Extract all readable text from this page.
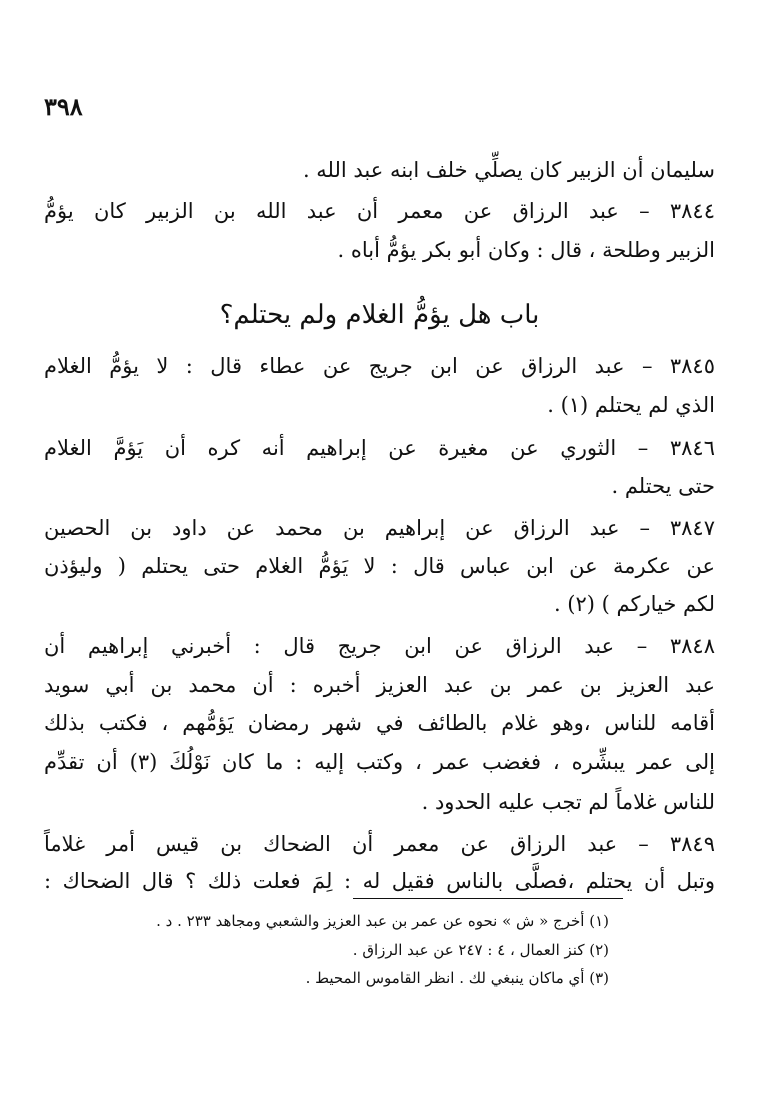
٣٩٨

سليمان أن الزبير كان يصلِّي خلف ابنه عبد الله .

٣٨٤٤ – عبد الرزاق عن معمر أن عبد الله بن الزبير كان يؤمُّ

الزبير وطلحة ، قال : وكان أبو بكر يؤمُّ أباه .

باب هل يؤمُّ الغلام ولم يحتلم؟

٣٨٤٥ – عبد الرزاق عن ابن جريج عن عطاء قال : لا يؤمُّ الغلام

الذي لم يحتلم (١) .

٣٨٤٦ – الثوري عن مغيرة عن إبراهيم أنه كره أن يَؤمَّ الغلام

حتى يحتلم .

٣٨٤٧ – عبد الرزاق عن إبراهيم بن محمد عن داود بن الحصين

عن عكرمة عن ابن عباس قال : لا يَؤمُّ الغلام حتى يحتلم ( وليؤذن

لكم خياركم ) (٢) .

٣٨٤٨ – عبد الرزاق عن ابن جريج قال : أخبرني إبراهيم أن

عبد العزيز بن عمر بن عبد العزيز أخبره : أن محمد بن أبي سويد

أقامه للناس ،وهو غلام بالطائف في شهر رمضان يَؤمُّهم ، فكتب بذلك

إلى عمر يبشِّره ، فغضب عمر ، وكتب إليه : ما كان نَوْلُكَ (٣) أن تقدِّم

للناس غلاماً لم تجب عليه الحدود .

٣٨٤٩ – عبد الرزاق عن معمر أن الضحاك بن قيس أمر غلاماً

وتبل أن يحتلم ،فصلَّى بالناس فقيل له : لِمَ فعلت ذلك ؟ قال الضحاك :

(١) أخرج « ش » نحوه عن عمر بن عبد العزيز والشعبي ومجاهد ٢٣٣ . د .

(٢) كنز العمال ، ٤ : ٢٤٧ عن عبد الرزاق .

(٣) أي ماكان ينبغي لك . انظر القاموس المحيط .
